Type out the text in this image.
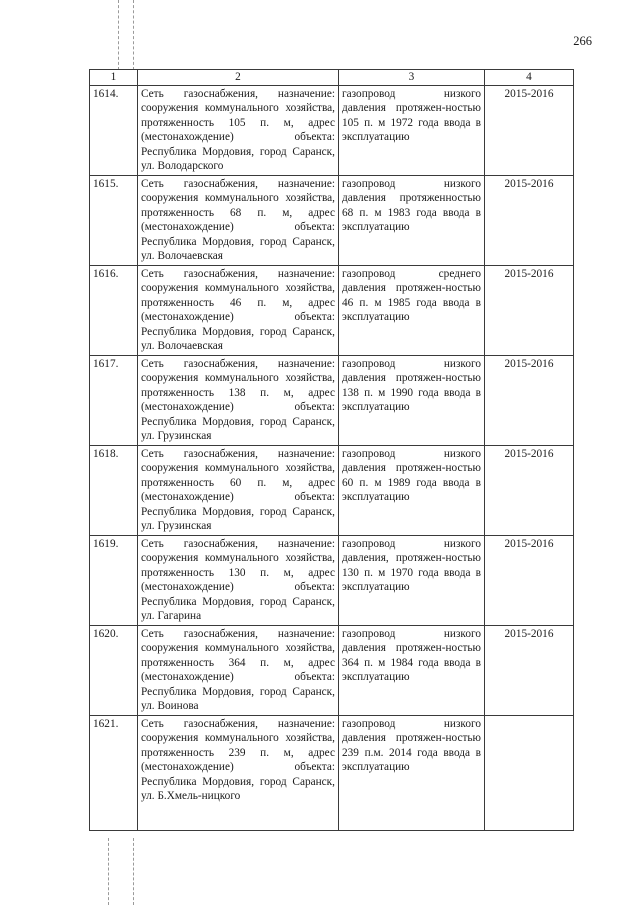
266
1	2	3	4
1614.	Сеть газоснабжения, назначение: сооружения коммунального хозяйства, протяженность 105 п. м, адрес (местонахождение) объекта: Республика Мордовия, город Саранск, ул. Володарского	газопровод низкого давления протяжен-ностью 105 п. м 1972 года ввода в эксплуатацию	2015-2016
1615.	Сеть газоснабжения, назначение: сооружения коммунального хозяйства, протяженность 68 п. м, адрес (местонахождение) объекта: Республика Мордовия, город Саранск, ул. Волочаевская	газопровод низкого давления протяженностью 68 п. м 1983 года ввода в эксплуатацию	2015-2016
1616.	Сеть газоснабжения, назначение: сооружения коммунального хозяйства, протяженность 46 п. м, адрес (местонахождение) объекта: Республика Мордовия, город Саранск, ул. Волочаевская	газопровод среднего давления протяжен-ностью 46 п. м 1985 года ввода в эксплуатацию	2015-2016
1617.	Сеть газоснабжения, назначение: сооружения коммунального хозяйства, протяженность 138 п. м, адрес (местонахождение) объекта: Республика Мордовия, город Саранск, ул. Грузинская	газопровод низкого давления протяжен-ностью 138 п. м 1990 года ввода в эксплуатацию	2015-2016
1618.	Сеть газоснабжения, назначение: сооружения коммунального хозяйства, протяженность 60 п. м, адрес (местонахождение) объекта: Республика Мордовия, город Саранск, ул. Грузинская	газопровод низкого давления протяжен-ностью 60 п. м 1989 года ввода в эксплуатацию	2015-2016
1619.	Сеть газоснабжения, назначение: сооружения коммунального хозяйства, протяженность 130 п. м, адрес (местонахождение) объекта: Республика Мордовия, город Саранск, ул. Гагарина	газопровод низкого давления, протяжен-ностью 130 п. м 1970 года ввода в эксплуатацию	2015-2016
1620.	Сеть газоснабжения, назначение: сооружения коммунального хозяйства, протяженность 364 п. м, адрес (местонахождение) объекта: Республика Мордовия, город Саранск, ул. Воинова	газопровод низкого давления протяжен-ностью 364 п. м 1984 года ввода в эксплуатацию	2015-2016
1621.	Сеть газоснабжения, назначение: сооружения коммунального хозяйства, протяженность 239 п. м, адрес (местонахождение) объекта: Республика Мордовия, город Саранск, ул. Б.Хмель-ницкого	газопровод низкого давления протяжен-ностью 239 п.м. 2014 года ввода в эксплуатацию	
